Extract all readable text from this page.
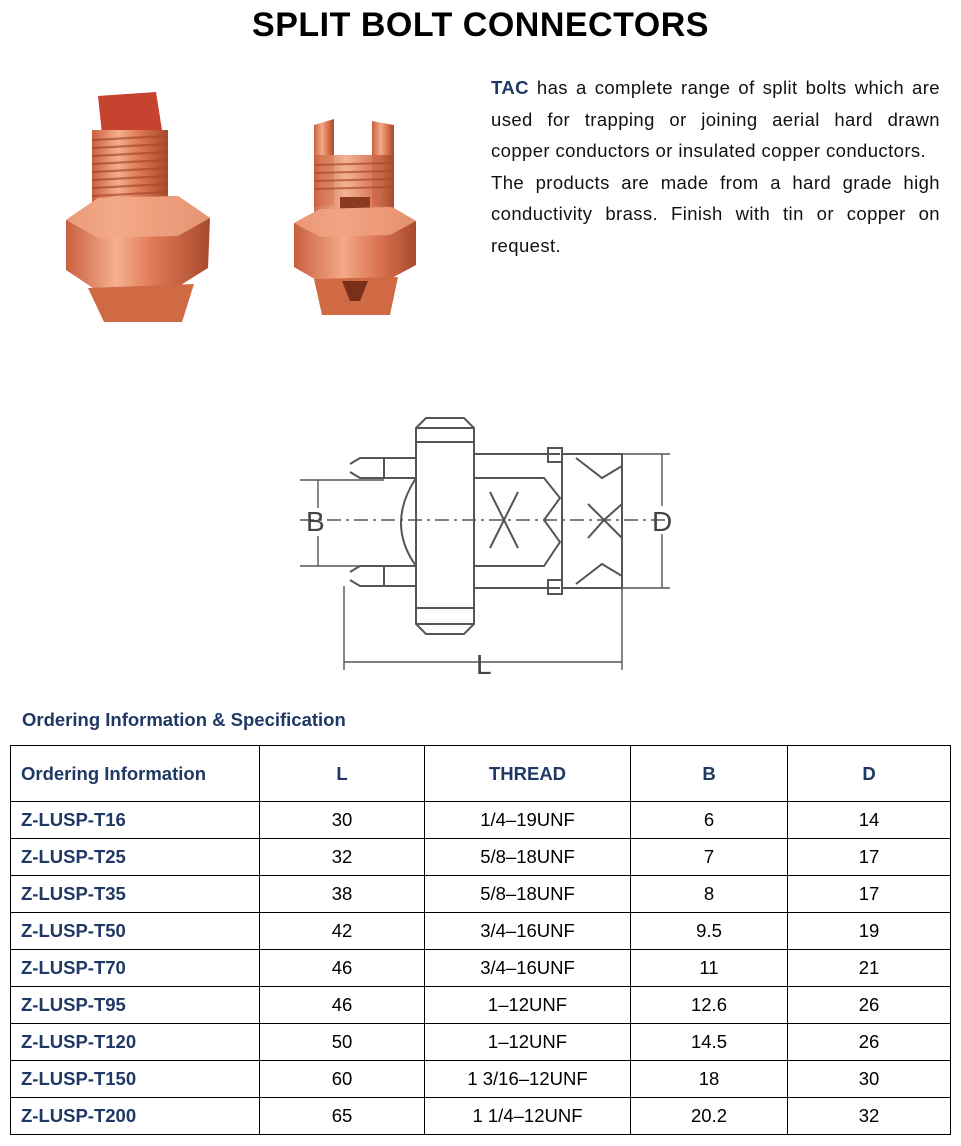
SPLIT BOLT CONNECTORS

TAC has a complete range of split bolts which are used for trapping or joining aerial hard drawn copper conductors or insulated copper conductors.

The products are made from a hard grade high conductivity brass. Finish with tin or copper on request.

B	D
L
Ordering Information & Specification
Ordering Information	L	THREAD	B	D
Z-LUSP-T16	30	1/4–19UNF	6	14
Z-LUSP-T25	32	5/8–18UNF	7	17
Z-LUSP-T35	38	5/8–18UNF	8	17
Z-LUSP-T50	42	3/4–16UNF	9.5	19
Z-LUSP-T70	46	3/4–16UNF	11	21
Z-LUSP-T95	46	1–12UNF	12.6	26
Z-LUSP-T120	50	1–12UNF	14.5	26
Z-LUSP-T150	60	1 3/16–12UNF	18	30
Z-LUSP-T200	65	1 1/4–12UNF	20.2	32
